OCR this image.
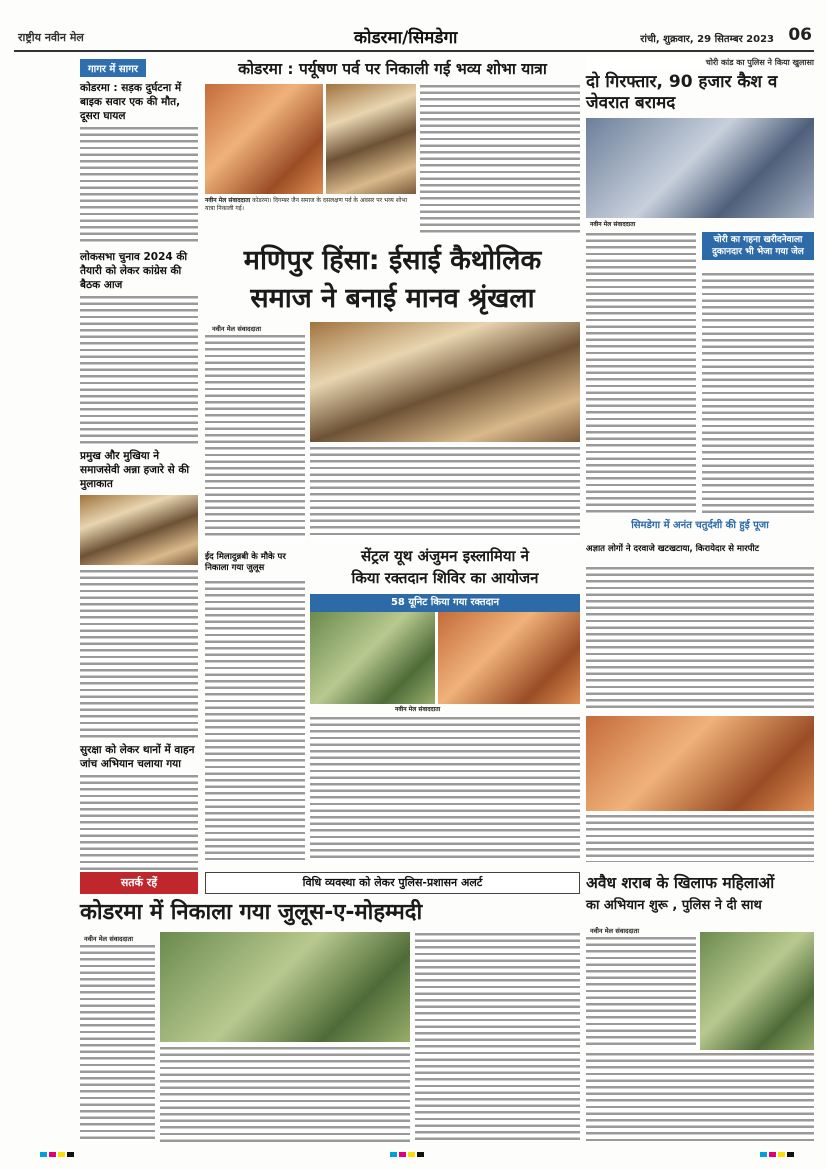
राष्ट्रीय नवीन मेल	कोडरमा/सिमडेगा	रांची, शुक्रवार, 29 सितम्बर 2023 06
गागर में सागर
कोडरमा : सड़क दुर्घटना में बाइक सवार एक की मौत, दूसरा घायल
लोकसभा चुनाव 2024 की तैयारी को लेकर कांग्रेस की बैठक आज
प्रमुख और मुखिया ने समाजसेवी अन्ना हजारे से की मुलाकात
सुरक्षा को लेकर थानों में वाहन जांच अभियान चलाया गया
कोडरमा : पर्यूषण पर्व पर निकाली गई भव्य शोभा यात्रा
नवीन मेल संवाददाता कोडरमा। दिगम्बर जैन समाज के दसलक्षण पर्व के अवसर पर भव्य शोभा यात्रा निकाली गई।
चोरी कांड का पुलिस ने किया खुलासा
दो गिरफ्तार, 90 हजार कैश व जेवरात बरामद
नवीन मेल संवाददाता
चोरी का गहना खरीदनेवाला दुकानदार भी भेजा गया जेल
मणिपुर हिंसा: ईसाई कैथोलिक
समाज ने बनाई मानव श्रृंखला
नवीन मेल संवाददाता
ईद मिलादुन्नबी के मौके पर निकाला गया जुलूस
सेंट्रल यूथ अंजुमन इस्लामिया ने
किया रक्तदान शिविर का आयोजन
58 यूनिट किया गया रक्तदान
नवीन मेल संवाददाता
अज्ञात लोगों ने दरवाजे खटखटाया, किरायेदार से मारपीट
सिमडेगा में अनंत चतुर्दशी की हुई पूजा
सतर्क रहें	विधि व्यवस्था को लेकर पुलिस-प्रशासन अलर्ट
कोडरमा में निकाला गया जुलूस-ए-मोहम्मदी
नवीन मेल संवाददाता
अवैध शराब के खिलाफ महिलाओं
का अभियान शुरू , पुलिस ने दी साथ
नवीन मेल संवाददाता
